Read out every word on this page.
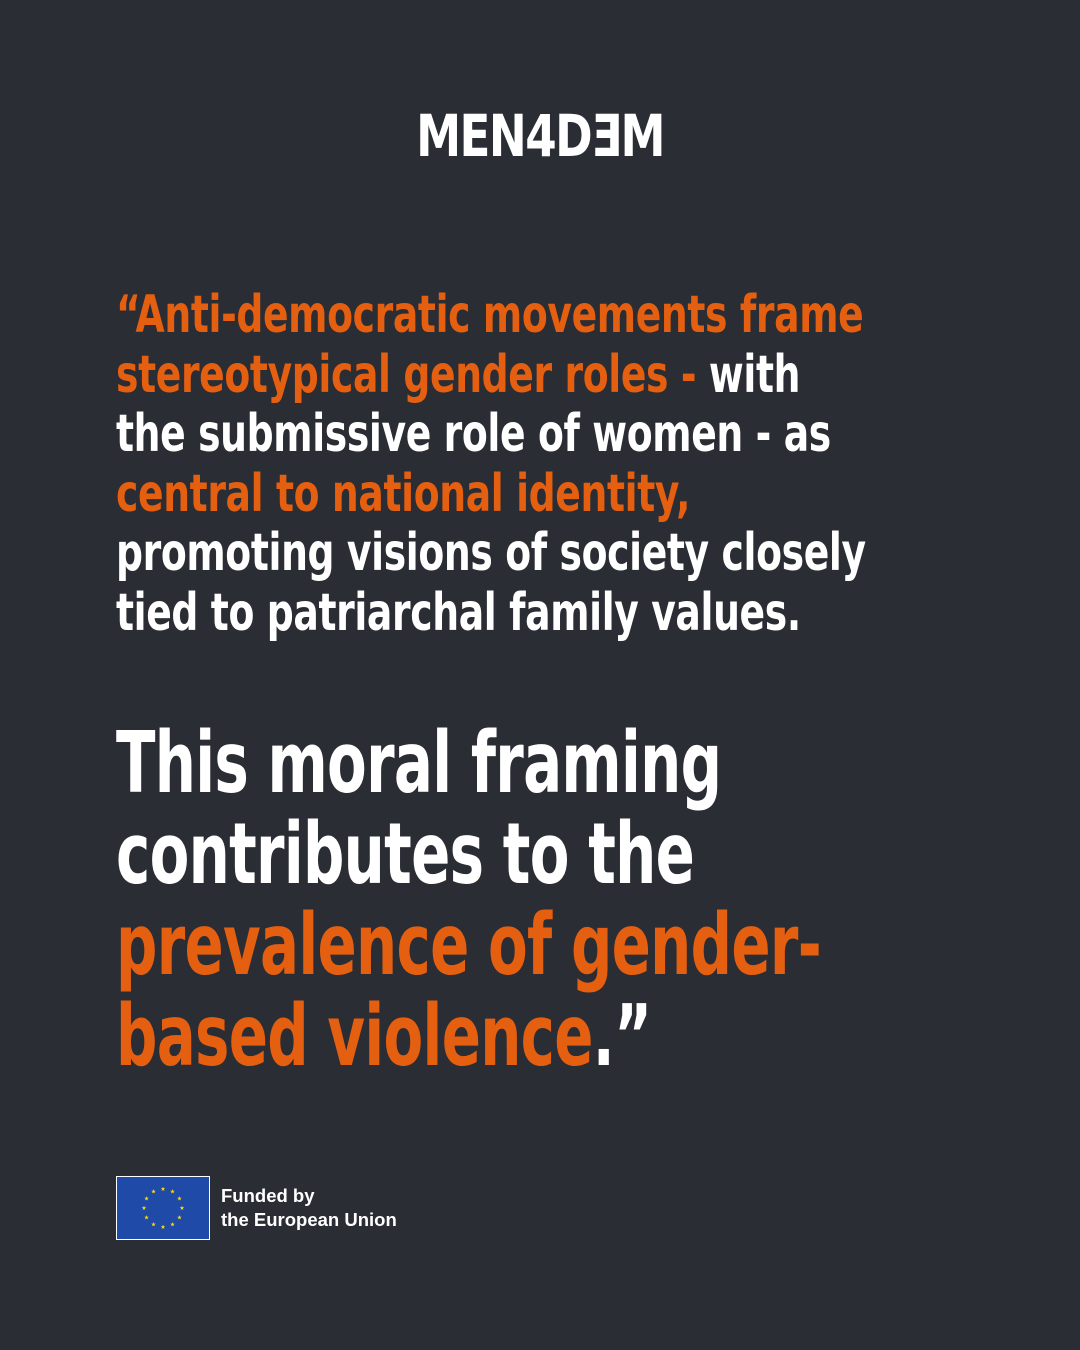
MEN4DƎM
“Anti-democratic movements frame
stereotypical gender roles - with
the submissive role of women - as
central to national identity,
promoting visions of society closely
tied to patriarchal family values.
This moral framing
contributes to the
prevalence of gender-
based violence.”
Funded by
the European Union
